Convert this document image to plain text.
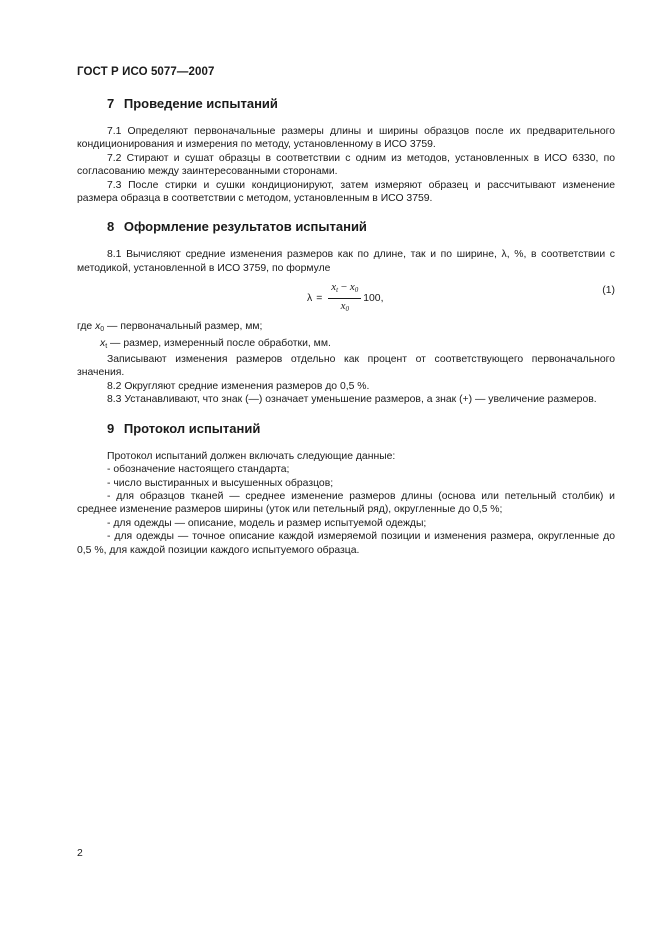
ГОСТ Р ИСО 5077—2007
7 Проведение испытаний

7.1 Определяют первоначальные размеры длины и ширины образцов после их предварительного кондиционирования и измерения по методу, установленному в ИСО 3759.

7.2 Стирают и сушат образцы в соответствии с одним из методов, установленных в ИСО 6330, по согласованию между заинтересованными сторонами.

7.3 После стирки и сушки кондиционируют, затем измеряют образец и рассчитывают изменение размера образца в соответствии с методом, установленным в ИСО 3759.

8 Оформление результатов испытаний

8.1 Вычисляют средние изменения размеров как по длине, так и по ширине, λ, %, в соответствии с методикой, установленной в ИСО 3759, по формуле

$\lambda = \frac{x_t - x_0}{x_0} 100$,
(1)

где $x_0$ — первоначальный размер, мм;

$x_t$ — размер, измеренный после обработки, мм.

Записывают изменения размеров отдельно как процент от соответствующего первоначального значения.

8.2 Округляют средние изменения размеров до 0,5 %.

8.3 Устанавливают, что знак (—) означает уменьшение размеров, а знак (+) — увеличение размеров.

9 Протокол испытаний

Протокол испытаний должен включать следующие данные:

- обозначение настоящего стандарта;

- число выстиранных и высушенных образцов;

- для образцов тканей — среднее изменение размеров длины (основа или петельный столбик) и среднее изменение размеров ширины (уток или петельный ряд), округленные до 0,5 %;

- для одежды — описание, модель и размер испытуемой одежды;

- для одежды — точное описание каждой измеряемой позиции и изменения размера, округленные до 0,5 %, для каждой позиции каждого испытуемого образца.

2
